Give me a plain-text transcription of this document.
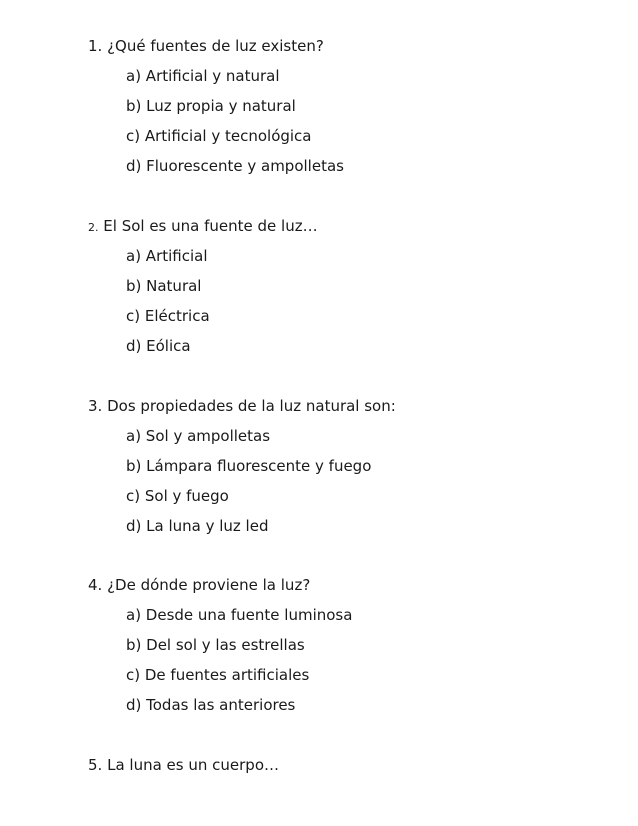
1. ¿Qué fuentes de luz existen?
a) Artificial y natural
b) Luz propia y natural
c) Artificial y tecnológica
d) Fluorescente y ampolletas
2. El Sol es una fuente de luz…
a) Artificial
b) Natural
c) Eléctrica
d) Eólica
3. Dos propiedades de la luz natural son:
a) Sol y ampolletas
b) Lámpara fluorescente y fuego
c) Sol y fuego
d) La luna y luz led
4. ¿De dónde proviene la luz?
a) Desde una fuente luminosa
b) Del sol y las estrellas
c) De fuentes artificiales
d) Todas las anteriores
5. La luna es un cuerpo…
